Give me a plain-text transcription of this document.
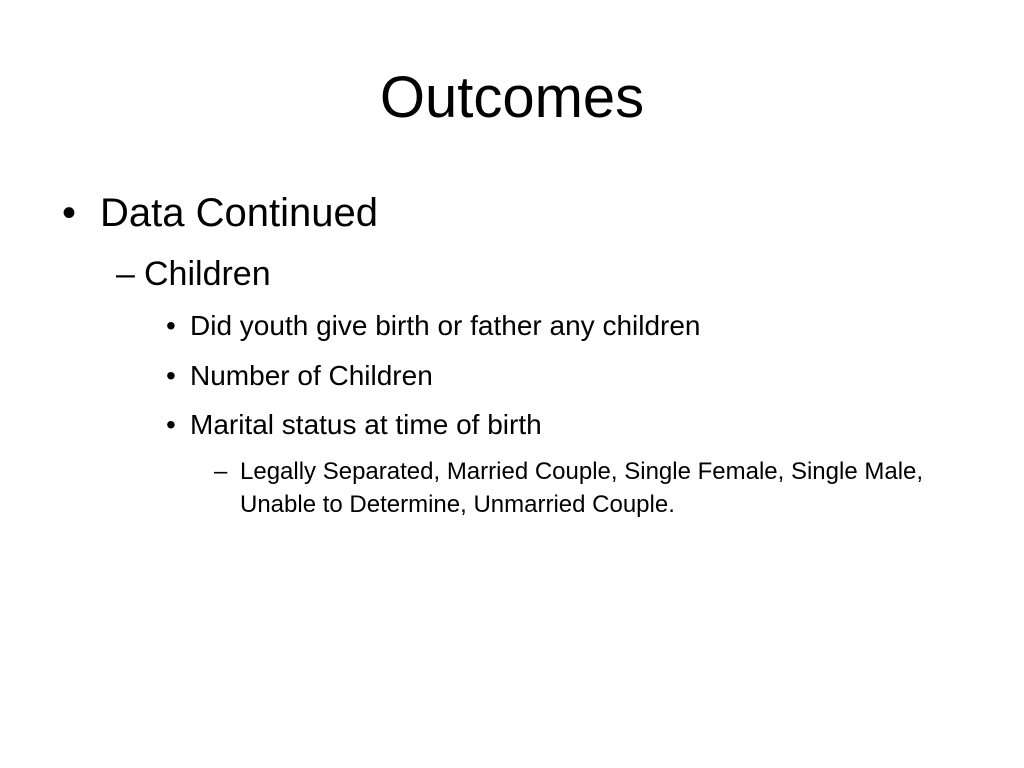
Outcomes
• Data Continued
– Children
• Did youth give birth or father any children
• Number of Children
• Marital status at time of birth
– Legally Separated, Married Couple, Single Female, Single Male, Unable to Determine, Unmarried Couple.
